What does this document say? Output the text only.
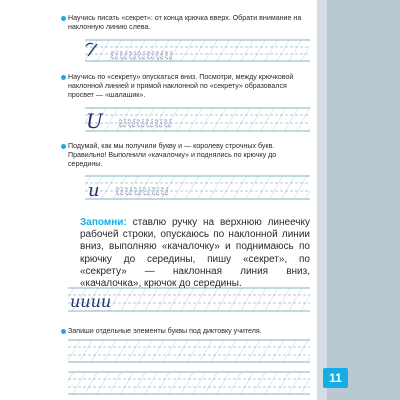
𝑢𝑢𝑢𝑢𝑢𝑢𝑢
𝑈 𝑢𝑢𝑢𝑢𝑢𝑢
𝑢 𝑢𝑢𝑢𝑢𝑢𝑢
𝑢𝑢𝑢𝑢
Научись писать «секрет»: от конца крючка вверх. Обрати внимание на наклонную линию слева.
Научись по «секрету» опускаться вниз. Посмотри, между крючковой наклонной линией и прямой наклонной по «секрету» образовался просвет — «шалашик».
Подумай, как мы получили букву и — королеву строчных букв. Правильно! Выполнили «качалочку» и поднялись по крючку до середины.
Запомни: ставлю ручку на верхнюю линеечку рабочей строки, опускаюсь по наклонной линии вниз, выполняю «качалочку» и поднимаюсь по крючку до середины, пишу «секрет», по «секрету» — наклонная линия вниз, «качалочка», крючок до середины.
Запиши отдельные элементы буквы под диктовку учителя.
11
